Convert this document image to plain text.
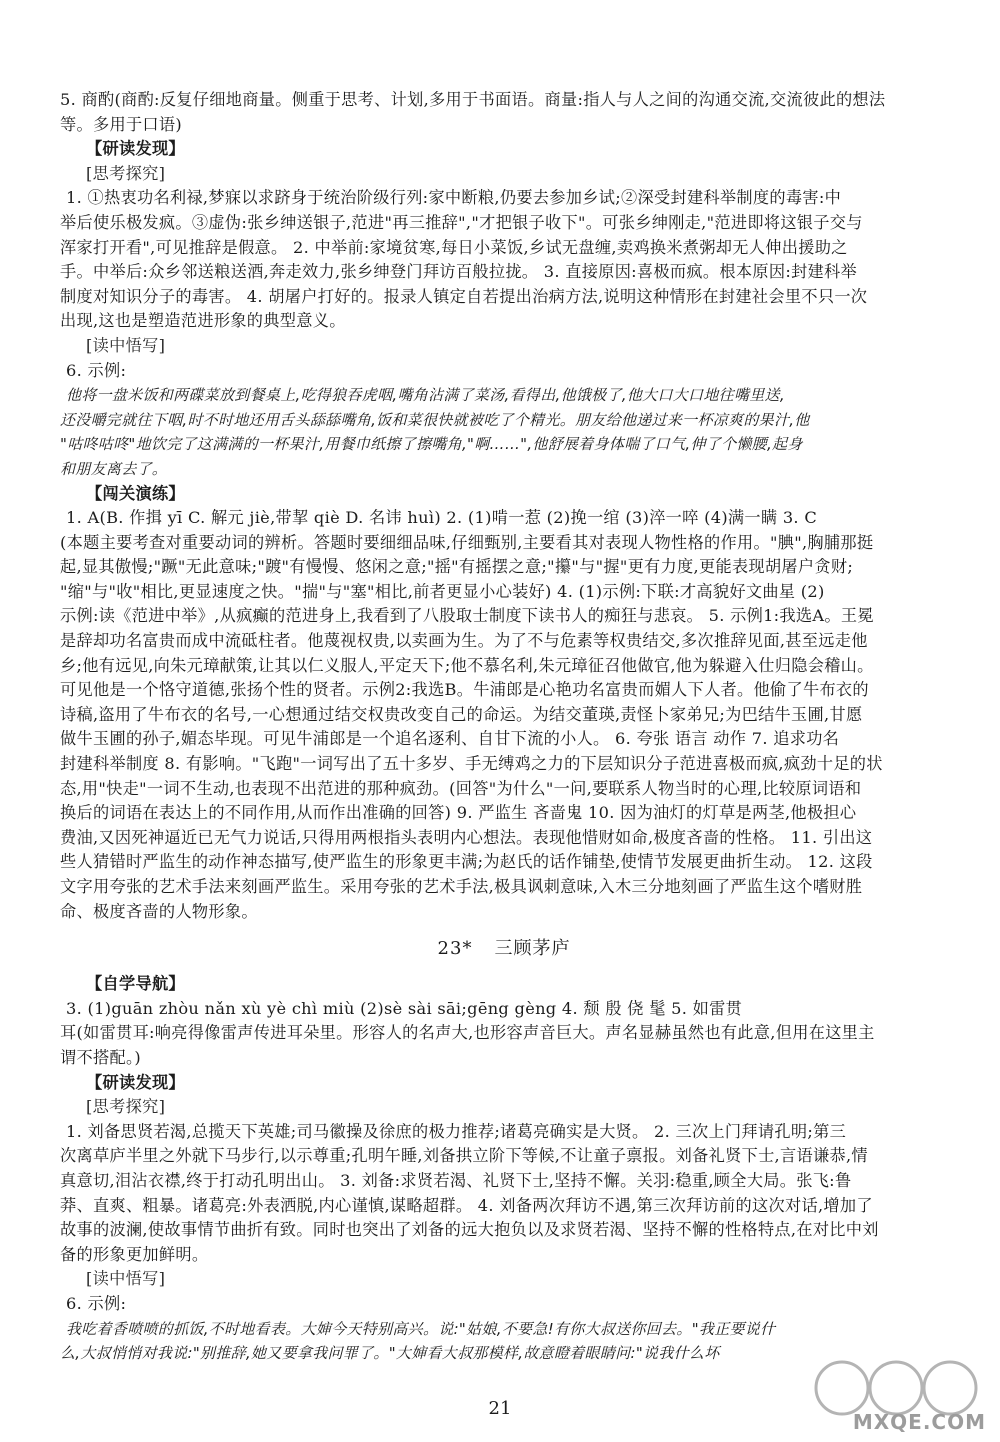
5. 商酌(商酌:反复仔细地商量。侧重于思考、计划,多用于书面语。商量:指人与人之间的沟通交流,交流彼此的想法
等。多用于口语)
【研读发现】
[思考探究]
1. ①热衷功名利禄,梦寐以求跻身于统治阶级行列:家中断粮,仍要去参加乡试;②深受封建科举制度的毒害:中
举后使乐极发疯。③虚伪:张乡绅送银子,范进"再三推辞","才把银子收下"。可张乡绅刚走,"范进即将这银子交与
浑家打开看",可见推辞是假意。 2. 中举前:家境贫寒,每日小菜饭,乡试无盘缠,卖鸡换米煮粥却无人伸出援助之
手。中举后:众乡邻送粮送酒,奔走效力,张乡绅登门拜访百般拉拢。 3. 直接原因:喜极而疯。根本原因:封建科举
制度对知识分子的毒害。 4. 胡屠户打好的。报录人镇定自若提出治病方法,说明这种情形在封建社会里不只一次
出现,这也是塑造范进形象的典型意义。
[读中悟写]
6. 示例:
他将一盘米饭和两碟菜放到餐桌上,吃得狼吞虎咽,嘴角沾满了菜汤,看得出,他饿极了,他大口大口地往嘴里送,
还没嚼完就往下咽,时不时地还用舌头舔舔嘴角,饭和菜很快就被吃了个精光。朋友给他递过来一杯凉爽的果汁,他
"咕咚咕咚"地饮完了这满满的一杯果汁,用餐巾纸擦了擦嘴角,"啊……",他舒展着身体喘了口气,伸了个懒腰,起身
和朋友离去了。
【闯关演练】
1. A(B. 作揖 yī C. 解元 jiè,带挈 qiè D. 名讳 huì) 2. (1)啃一惹 (2)挽一绾 (3)淬一啐 (4)满一瞒 3. C
(本题主要考查对重要动词的辨析。答题时要细细品味,仔细甄别,主要看其对表现人物性格的作用。"腆",胸脯那挺
起,显其傲慢;"蹶"无此意味;"踱"有慢慢、悠闲之意;"摇"有摇摆之意;"攥"与"握"更有力度,更能表现胡屠户贪财;
"缩"与"收"相比,更显速度之快。"揣"与"塞"相比,前者更显小心装好) 4. (1)示例:下联:才高貌好文曲星 (2)
示例:读《范进中举》,从疯癫的范进身上,我看到了八股取士制度下读书人的痴狂与悲哀。 5. 示例1:我选A。王冕
是辞却功名富贵而成中流砥柱者。他蔑视权贵,以卖画为生。为了不与危素等权贵结交,多次推辞见面,甚至远走他
乡;他有远见,向朱元璋献策,让其以仁义服人,平定天下;他不慕名利,朱元璋征召他做官,他为躲避入仕归隐会稽山。
可见他是一个恪守道德,张扬个性的贤者。示例2:我选B。牛浦郎是心艳功名富贵而媚人下人者。他偷了牛布衣的
诗稿,盗用了牛布衣的名号,一心想通过结交权贵改变自己的命运。为结交董瑛,责怪卜家弟兄;为巴结牛玉圃,甘愿
做牛玉圃的孙子,媚态毕现。可见牛浦郎是一个追名逐利、自甘下流的小人。 6. 夸张 语言 动作 7. 追求功名
封建科举制度 8. 有影响。"飞跑"一词写出了五十多岁、手无缚鸡之力的下层知识分子范进喜极而疯,疯劲十足的状
态,用"快走"一词不生动,也表现不出范进的那种疯劲。(回答"为什么"一问,要联系人物当时的心理,比较原词语和
换后的词语在表达上的不同作用,从而作出准确的回答) 9. 严监生 吝啬鬼 10. 因为油灯的灯草是两茎,他极担心
费油,又因死神逼近已无气力说话,只得用两根指头表明内心想法。表现他惜财如命,极度吝啬的性格。 11. 引出这
些人猜错时严监生的动作神态描写,使严监生的形象更丰满;为赵氏的话作铺垫,使情节发展更曲折生动。 12. 这段
文字用夸张的艺术手法来刻画严监生。采用夸张的艺术手法,极具讽刺意味,入木三分地刻画了严监生这个嗜财胜
命、极度吝啬的人物形象。
23* 三顾茅庐
【自学导航】
3. (1)guān zhòu nǎn xù yè chì miù (2)sè sài sāi;gēng gèng 4. 颓 殷 侥 髦 5. 如雷贯
耳(如雷贯耳:响亮得像雷声传进耳朵里。形容人的名声大,也形容声音巨大。声名显赫虽然也有此意,但用在这里主
谓不搭配。)
【研读发现】
[思考探究]
1. 刘备思贤若渴,总揽天下英雄;司马徽操及徐庶的极力推荐;诸葛亮确实是大贤。 2. 三次上门拜请孔明;第三
次离草庐半里之外就下马步行,以示尊重;孔明午睡,刘备拱立阶下等候,不让童子禀报。刘备礼贤下士,言语谦恭,情
真意切,泪沾衣襟,终于打动孔明出山。 3. 刘备:求贤若渴、礼贤下士,坚持不懈。关羽:稳重,顾全大局。张飞:鲁
莽、直爽、粗暴。诸葛亮:外表洒脱,内心谨慎,谋略超群。 4. 刘备两次拜访不遇,第三次拜访前的这次对话,增加了
故事的波澜,使故事情节曲折有致。同时也突出了刘备的远大抱负以及求贤若渴、坚持不懈的性格特点,在对比中刘
备的形象更加鲜明。
[读中悟写]
6. 示例:
我吃着香喷喷的抓饭,不时地看表。大婶今天特别高兴。说:"姑娘,不要急!有你大叔送你回去。"我正要说什
么,大叔悄悄对我说:"别推辞,她又要拿我问罪了。"大婶看大叔那模样,故意瞪着眼睛问:"说我什么坏
21
MXQE.COM
